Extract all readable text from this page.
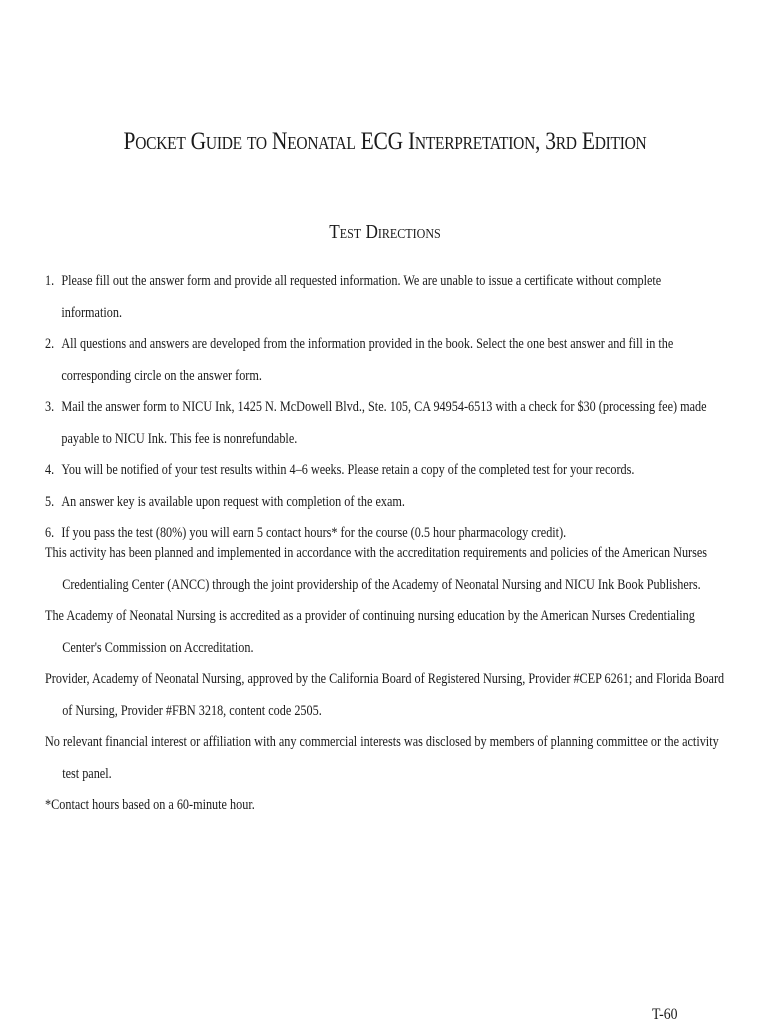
Pocket Guide to Neonatal ECG Interpretation, 3rd Edition
Test Directions
1. Please fill out the answer form and provide all requested information. We are unable to issue a certificate without complete information.
2. All questions and answers are developed from the information provided in the book. Select the one best answer and fill in the corresponding circle on the answer form.
3. Mail the answer form to NICU Ink, 1425 N. McDowell Blvd., Ste. 105, CA 94954-6513 with a check for $30 (processing fee) made payable to NICU Ink. This fee is nonrefundable.
4. You will be notified of your test results within 4–6 weeks. Please retain a copy of the completed test for your records.
5. An answer key is available upon request with completion of the exam.
6. If you pass the test (80%) you will earn 5 contact hours* for the course (0.5 hour pharmacology credit).

This activity has been planned and implemented in accordance with the accreditation requirements and policies of the American Nurses Credentialing Center (ANCC) through the joint providership of the Academy of Neonatal Nursing and NICU Ink Book Publishers.

The Academy of Neonatal Nursing is accredited as a provider of continuing nursing education by the American Nurses Credentialing Center's Commission on Accreditation.

Provider, Academy of Neonatal Nursing, approved by the California Board of Registered Nursing, Provider #CEP 6261; and Florida Board of Nursing, Provider #FBN 3218, content code 2505.

No relevant financial interest or affiliation with any commercial interests was disclosed by members of planning committee or the activity test panel.

*Contact hours based on a 60-minute hour.

T-60
